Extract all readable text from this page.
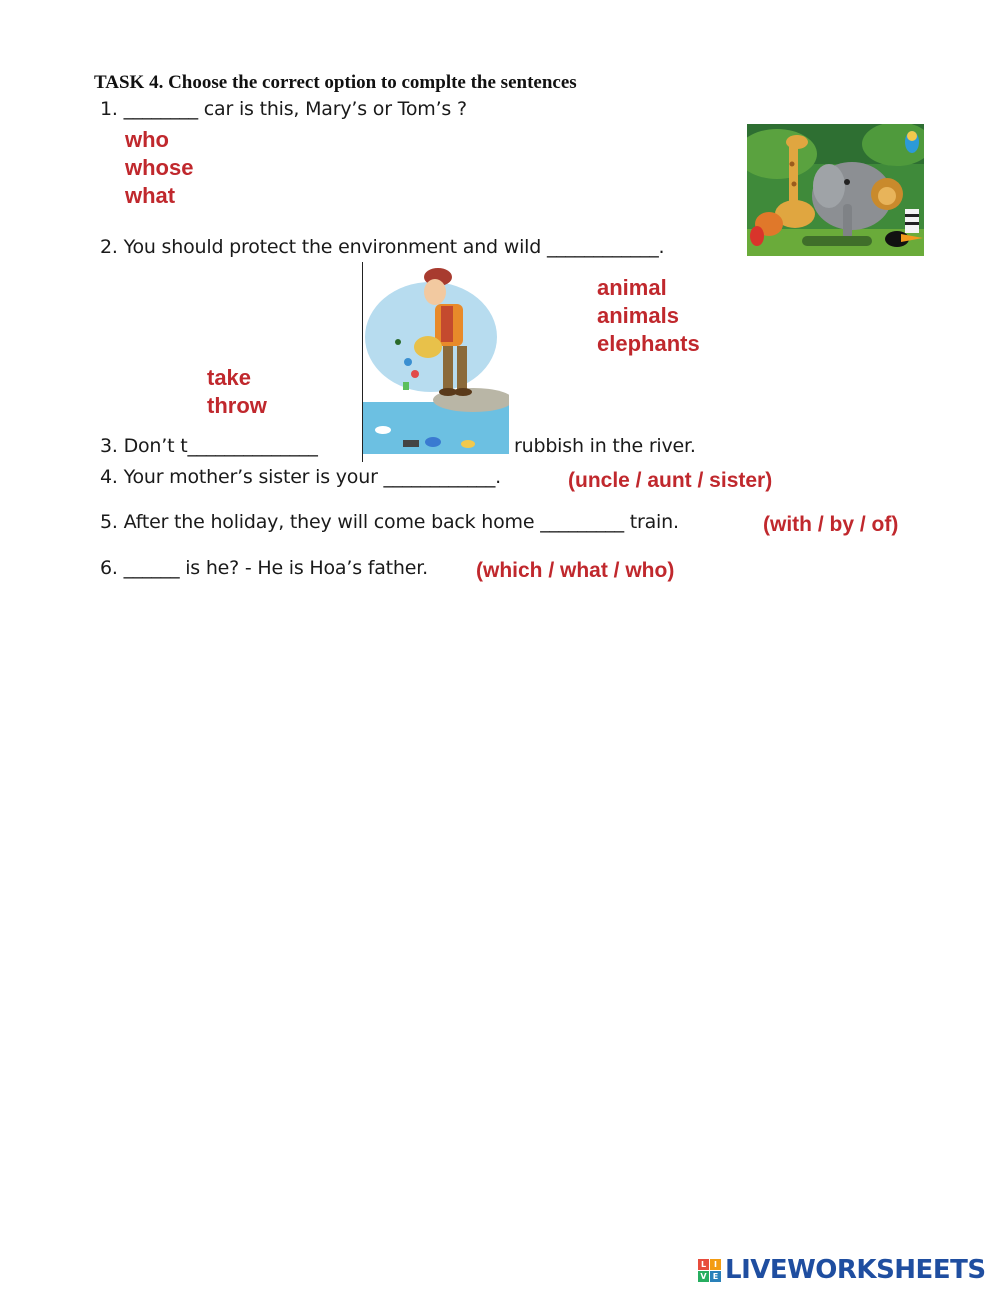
TASK 4. Choose the correct option to complte the sentences
1. ________ car is this, Mary’s or Tom’s ?
who
whose
what
2. You should protect the environment and wild ____________.
animal
animals
elephants
take
throw
3. Don’t t______________	rubbish in the river.
4. Your mother’s sister is your ____________.	(uncle / aunt / sister)
5. After the holiday, they will come back home _________ train.	(with / by / of)
6. ______ is he? - He is Hoa’s father. (which / what / who)
L I
V E LIVEWORKSHEETS
